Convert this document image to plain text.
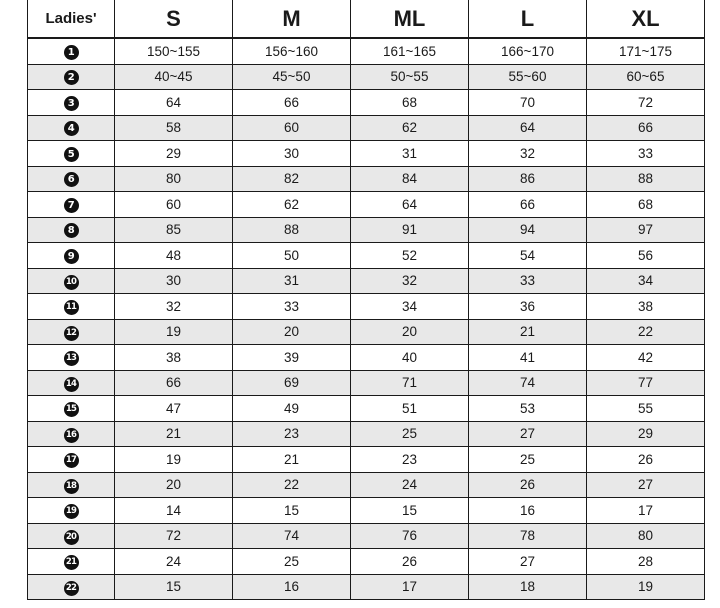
Ladies'	S	M	ML	L	XL
1	150~155	156~160	161~165	166~170	171~175
2	40~45	45~50	50~55	55~60	60~65
3	64	66	68	70	72
4	58	60	62	64	66
5	29	30	31	32	33
6	80	82	84	86	88
7	60	62	64	66	68
8	85	88	91	94	97
9	48	50	52	54	56
10	30	31	32	33	34
11	32	33	34	36	38
12	19	20	20	21	22
13	38	39	40	41	42
14	66	69	71	74	77
15	47	49	51	53	55
16	21	23	25	27	29
17	19	21	23	25	26
18	20	22	24	26	27
19	14	15	15	16	17
20	72	74	76	78	80
21	24	25	26	27	28
22	15	16	17	18	19
